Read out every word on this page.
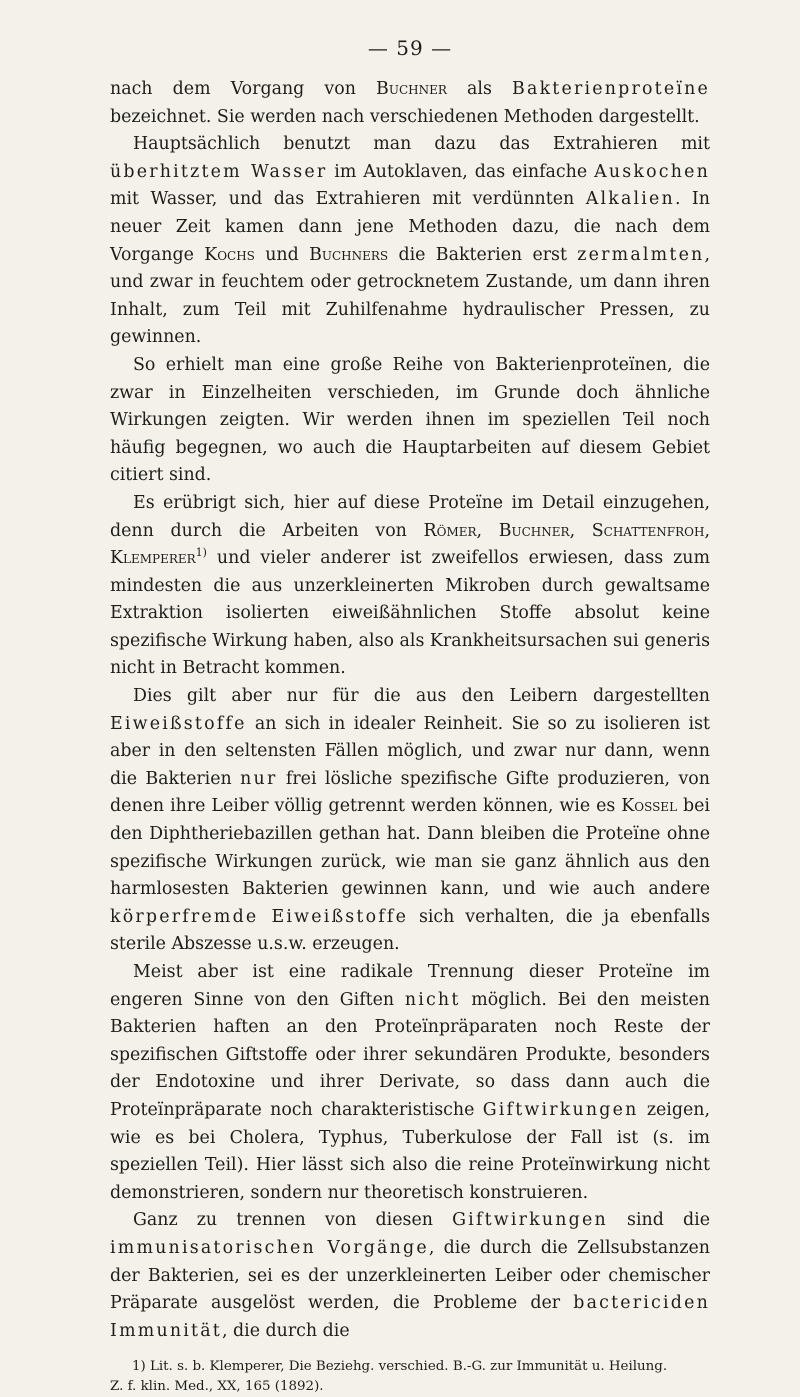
— 59 —

nach dem Vorgang von Buchner als Bakterienproteïne bezeichnet. Sie werden nach verschiedenen Methoden dargestellt.

Hauptsächlich benutzt man dazu das Extrahieren mit überhitztem Wasser im Autoklaven, das einfache Auskochen mit Wasser, und das Extrahieren mit verdünnten Alkalien. In neuer Zeit kamen dann jene Methoden dazu, die nach dem Vorgange Kochs und Buchners die Bakterien erst zermalmten, und zwar in feuchtem oder getrocknetem Zustande, um dann ihren Inhalt, zum Teil mit Zuhilfenahme hydraulischer Pressen, zu gewinnen.

So erhielt man eine große Reihe von Bakterienproteïnen, die zwar in Einzelheiten verschieden, im Grunde doch ähnliche Wirkungen zeigten. Wir werden ihnen im speziellen Teil noch häufig begegnen, wo auch die Hauptarbeiten auf diesem Gebiet citiert sind.

Es erübrigt sich, hier auf diese Proteïne im Detail einzugehen, denn durch die Arbeiten von Römer, Buchner, Schattenfroh, Klemperer$^{1)}$ und vieler anderer ist zweifellos erwiesen, dass zum mindesten die aus unzerkleinerten Mikroben durch gewaltsame Extraktion isolierten eiweißähnlichen Stoffe absolut keine spezifische Wirkung haben, also als Krankheitsursachen sui generis nicht in Betracht kommen.

Dies gilt aber nur für die aus den Leibern dargestellten Eiweißstoffe an sich in idealer Reinheit. Sie so zu isolieren ist aber in den seltensten Fällen möglich, und zwar nur dann, wenn die Bakterien nur frei lösliche spezifische Gifte produzieren, von denen ihre Leiber völlig getrennt werden können, wie es Kossel bei den Diphtheriebazillen gethan hat. Dann bleiben die Proteïne ohne spezifische Wirkungen zurück, wie man sie ganz ähnlich aus den harmlosesten Bakterien gewinnen kann, und wie auch andere körperfremde Eiweißstoffe sich verhalten, die ja ebenfalls sterile Abszesse u.s.w. erzeugen.

Meist aber ist eine radikale Trennung dieser Proteïne im engeren Sinne von den Giften nicht möglich. Bei den meisten Bakterien haften an den Proteïnpräparaten noch Reste der spezifischen Giftstoffe oder ihrer sekundären Produkte, besonders der Endotoxine und ihrer Derivate, so dass dann auch die Proteïnpräparate noch charakteristische Giftwirkungen zeigen, wie es bei Cholera, Typhus, Tuberkulose der Fall ist (s. im speziellen Teil). Hier lässt sich also die reine Proteïnwirkung nicht demonstrieren, sondern nur theoretisch konstruieren.

Ganz zu trennen von diesen Giftwirkungen sind die immunisatorischen Vorgänge, die durch die Zellsubstanzen der Bakterien, sei es der unzerkleinerten Leiber oder chemischer Präparate ausgelöst werden, die Probleme der bactericiden Immunität, die durch die

1) Lit. s. b. Klemperer, Die Beziehg. verschied. B.-G. zur Immunität u. Heilung.

Z. f. klin. Med., XX, 165 (1892).
